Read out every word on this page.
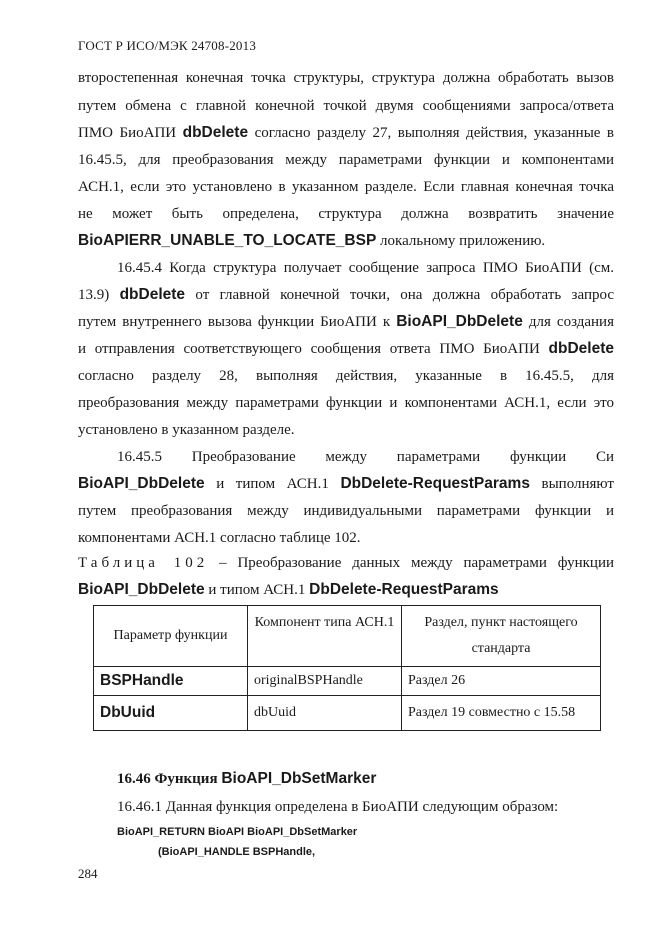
ГОСТ Р ИСО/МЭК 24708-2013
второстепенная конечная точка структуры, структура должна обработать вызов
путем обмена с главной конечной точкой двумя сообщениями запроса/ответа
ПМО БиоАПИ dbDelete согласно разделу 27, выполняя действия, указанные в
16.45.5, для преобразования между параметрами функции и компонентами
АСН.1, если это установлено в указанном разделе. Если главная конечная точка
не может быть определена, структура должна возвратить значение
BioAPIERR_UNABLE_TO_LOCATE_BSP локальному приложению.
16.45.4 Когда структура получает сообщение запроса ПМО БиоАПИ (см.
13.9) dbDelete от главной конечной точки, она должна обработать запрос
путем внутреннего вызова функции БиоАПИ к BioAPI_DbDelete для создания
и отправления соответствующего сообщения ответа ПМО БиоАПИ dbDelete
согласно разделу 28, выполняя действия, указанные в 16.45.5, для
преобразования между параметрами функции и компонентами АСН.1, если это
установлено в указанном разделе.
16.45.5 Преобразование между параметрами функции Си
BioAPI_DbDelete и типом АСН.1 DbDelete-RequestParams выполняют
путем преобразования между индивидуальными параметрами функции и
компонентами АСН.1 согласно таблице 102.
Таблица 102 – Преобразование данных между параметрами функции
BioAPI_DbDelete и типом АСН.1 DbDelete-RequestParams
Параметр функции	Компонент типа АСН.1	Раздел, пункт настоящего стандарта
BSPHandle	originalBSPHandle	Раздел 26
DbUuid	dbUuid	Раздел 19 совместно с 15.58
16.46 Функция BioAPI_DbSetMarker
16.46.1 Данная функция определена в БиоАПИ следующим образом:
BioAPI_RETURN BioAPI BioAPI_DbSetMarker
(BioAPI_HANDLE BSPHandle,
284
